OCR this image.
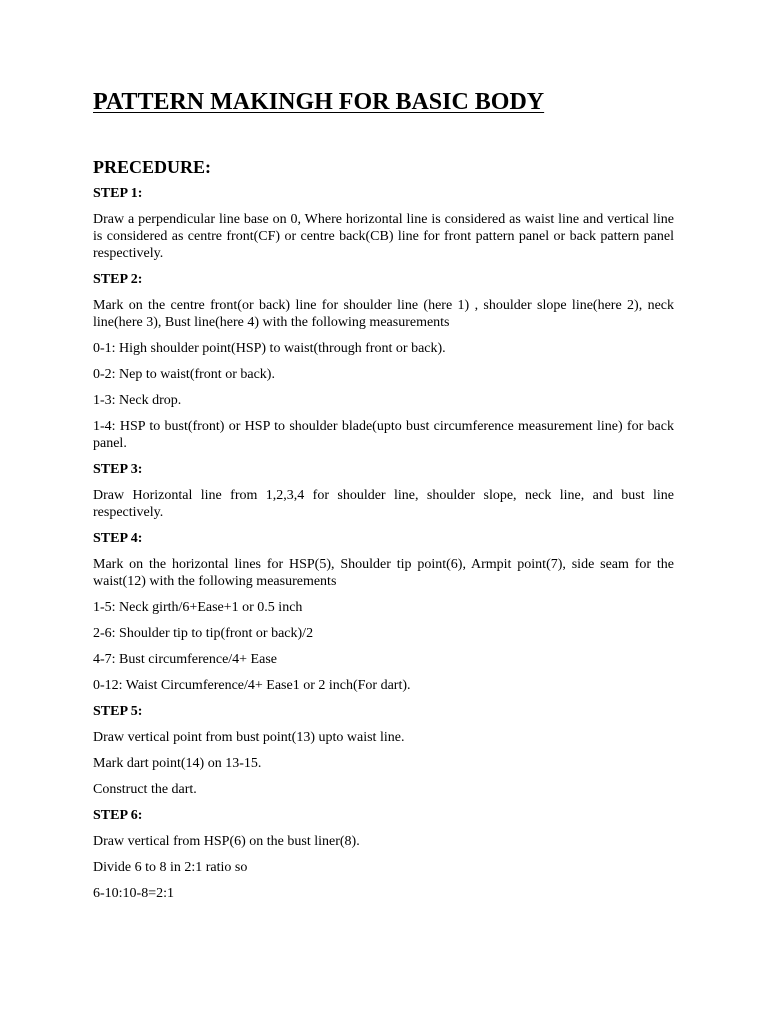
PATTERN MAKINGH FOR BASIC BODY
PRECEDURE:
STEP 1:

Draw a perpendicular line base on 0, Where horizontal line is considered as waist line and vertical line is considered as centre front(CF) or centre back(CB) line for front pattern panel or back pattern panel respectively.

STEP 2:

Mark on the centre front(or back) line for shoulder line (here 1) , shoulder slope line(here 2), neck line(here 3), Bust line(here 4) with the following measurements

0-1: High shoulder point(HSP) to waist(through front or back).

0-2: Nep to waist(front or back).

1-3: Neck drop.

1-4: HSP to bust(front) or HSP to shoulder blade(upto bust circumference measurement line) for back panel.

STEP 3:

Draw Horizontal line from 1,2,3,4 for shoulder line, shoulder slope, neck line, and bust line respectively.

STEP 4:

Mark on the horizontal lines for HSP(5), Shoulder tip point(6), Armpit point(7), side seam for the waist(12) with the following measurements

1-5: Neck girth/6+Ease+1 or 0.5 inch

2-6: Shoulder tip to tip(front or back)/2

4-7: Bust circumference/4+ Ease

0-12: Waist Circumference/4+ Ease1 or 2 inch(For dart).

STEP 5:

Draw vertical point from bust point(13) upto waist line.

Mark dart point(14) on 13-15.

Construct the dart.

STEP 6:

Draw vertical from HSP(6) on the bust liner(8).

Divide 6 to 8 in 2:1 ratio so

6-10:10-8=2:1
